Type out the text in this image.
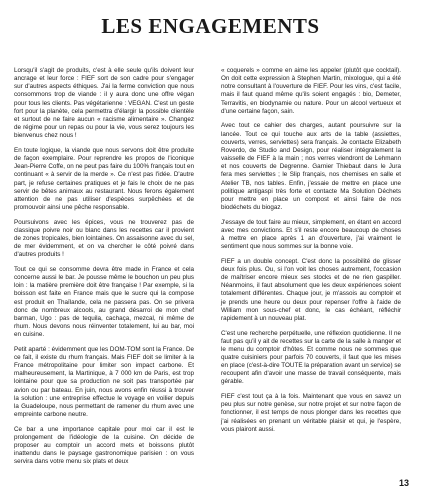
LES ENGAGEMENTS

Lorsqu'il s'agit de produits, c'est à elle seule qu'ils doivent leur ancrage et leur force : FIEF sort de son cadre pour s'engager sur d'autres aspects éthiques. J'ai la ferme conviction que nous consommons trop de viande : il y aura donc une offre végan pour tous les clients. Pas végétarienne : VEGAN. C'est un geste fort pour la planète, cela permettra d'élargir la possible clientèle et surtout de ne faire aucun « racisme alimentaire ». Changez de régime pour un repas ou pour la vie, vous serez toujours les bienvenus chez nous !

En toute logique, la viande que nous servons doit être produite de façon exemplaire. Pour reprendre les propos de l'iconique Jean-Pierre Coffe, on ne peut pas faire du 100% français tout en continuant « à servir de la merde ». Ce n'est pas l'idée. D'autre part, je refuse certaines pratiques et je fais le choix de ne pas servir de bêtes animaux au restaurant. Nous ferons également attention de ne pas utiliser d'espèces surpêchées et de promouvoir ainsi une pêche responsable.

Poursuivons avec les épices, vous ne trouverez pas de classique poivre noir ou blanc dans les recettes car il provient de zones tropicales, bien lointaines. On assaisonne avec du sel, de mer évidemment, et on va chercher le côté poivré dans d'autres produits !

Tout ce qui se consomme devra être made in France et cela concerne aussi le bar. Je pousse même le bouchon un peu plus loin : la matière première doit être française ! Par exemple, si la boisson est faite en France mais que le sucre qui la compose est produit en Thaïlande, cela ne passera pas. On se privera donc de nombreux alcools, au grand désarroi de mon chef barman, Ugo : pas de tequila, cachaça, mezcal, ni même de rhum. Nous devons nous réinventer totalement, lui au bar, moi en cuisine.

Petit aparté : évidemment que les DOM-TOM sont la France. De ce fait, il existe du rhum français. Mais FIEF doit se limiter à la France métropolitaine pour limiter son impact carbone. Et malheureusement, la Martinique, à 7 000 km de Paris, est trop lointaine pour que sa production ne soit pas transportée par avion ou par bateau. En juin, nous avons enfin réussi à trouver la solution : une entreprise effectue le voyage en voilier depuis la Guadeloupe, nous permettant de ramener du rhum avec une empreinte carbone neutre.

Ce bar a une importance capitale pour moi car il est le prolongement de l'idéologie de la cuisine. On décide de proposer au comptoir un accord mets et boissons plutôt inattendu dans le paysage gastronomique parisien : on vous servira dans votre menu six plats et deux

« coquerels » comme en aime les appeler (plutôt que cocktail). On doit cette expression à Stephen Martin, mixologue, qui a été notre consultant à l'ouverture de FIEF. Pour les vins, c'est facile, mais il faut quand même qu'ils soient engagés : bio, Demeter, Terravitis, en biodynamie ou nature. Pour un alcool vertueux et d'une certaine façon, sain.

Avec tout ce cahier des charges, autant poursuivre sur la lancée. Tout ce qui touche aux arts de la table (assiettes, couverts, verres, serviettes) sera français. Je contacte Elizabeth Roverdo, de Studio and Design, pour réaliser intégralement la vaisselle de FIEF à la main ; nos verres viendront de Lehmann et nos couverts de Degrenne. Garnier Thiebaut dans le Jura fera mes serviettes ; le Slip français, nos chemises en salle et Atelier TB, nos tables. Enfin, j'essaie de mettre en place une politique antigaspi très forte et contacte Ma Solution Déchets pour mettre en place un compost et ainsi faire de nos biodéchets du biogaz.

J'essaye de tout faire au mieux, simplement, en étant en accord avec mes convictions. Et s'il reste encore beaucoup de choses à mettre en place après 1 an d'ouverture, j'ai vraiment le sentiment que nous sommes sur la bonne voie.

FIEF a un double concept. C'est donc la possibilité de glisser deux fois plus. Ou, si l'on voit les choses autrement, l'occasion de maîtriser encore mieux ses stocks et de ne rien gaspiller. Néanmoins, il faut absolument que les deux expériences soient totalement différentes. Chaque jour, je m'assois au comptoir et je prends une heure ou deux pour repenser l'offre à l'aide de William mon sous-chef et donc, le cas échéant, réfléchir rapidement à un nouveau plat.

C'est une recherche perpétuelle, une réflexion quotidienne. Il ne faut pas qu'il y ait de recettes sur la carte de la salle à manger et le menu du comptoir d'hôtes. Et comme nous ne sommes que quatre cuisiniers pour parfois 70 couverts, il faut que les mises en place (c'est-à-dire TOUTE la préparation avant un service) se recoupent afin d'avoir une masse de travail conséquente, mais gérable.

FIEF c'est tout ça à la fois. Maintenant que vous en savez un peu plus sur notre genèse, sur notre projet et sur notre façon de fonctionner, il est temps de nous plonger dans les recettes que j'ai réalisées en prenant un véritable plaisir et qui, je l'espère, vous plairont aussi.

13
